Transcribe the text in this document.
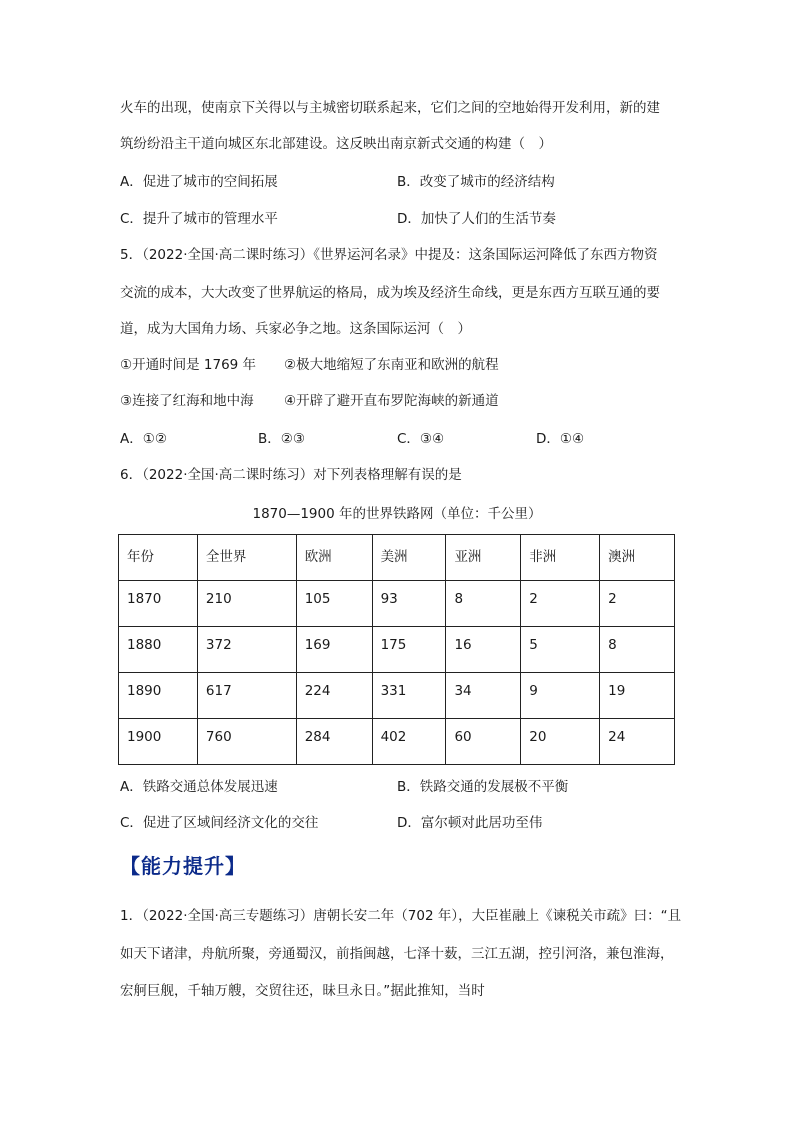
火车的出现，使南京下关得以与主城密切联系起来，它们之间的空地始得开发利用，新的建
筑纷纷沿主干道向城区东北部建设。这反映出南京新式交通的构建（　）
A．促进了城市的空间拓展	B．改变了城市的经济结构
C．提升了城市的管理水平	D．加快了人们的生活节奏
5．（2022·全国·高二课时练习）《世界运河名录》中提及：这条国际运河降低了东西方物资
交流的成本，大大改变了世界航运的格局，成为埃及经济生命线，更是东西方互联互通的要
道，成为大国角力场、兵家必争之地。这条国际运河（　）
①开通时间是 1769 年 ②极大地缩短了东南亚和欧洲的航程
③连接了红海和地中海 ④开辟了避开直布罗陀海峡的新通道
A．①②	B．②③	C．③④	D．①④
6．（2022·全国·高二课时练习）对下列表格理解有误的是
1870—1900 年的世界铁路网（单位：千公里）
年份	全世界	欧洲	美洲	亚洲	非洲	澳洲
1870	210	105	93	8	2	2
1880	372	169	175	16	5	8
1890	617	224	331	34	9	19
1900	760	284	402	60	20	24
A．铁路交通总体发展迅速	B．铁路交通的发展极不平衡
C．促进了区域间经济文化的交往	D．富尔顿对此居功至伟
【能力提升】
1．（2022·全国·高三专题练习）唐朝长安二年（702 年），大臣崔融上《谏税关市疏》曰：“且
如天下诸津，舟航所聚，旁通蜀汉，前指闽越，七泽十薮，三江五湖，控引河洛，兼包淮海，
宏舸巨舰，千轴万艘，交贸往还，昧旦永日。”据此推知，当时
